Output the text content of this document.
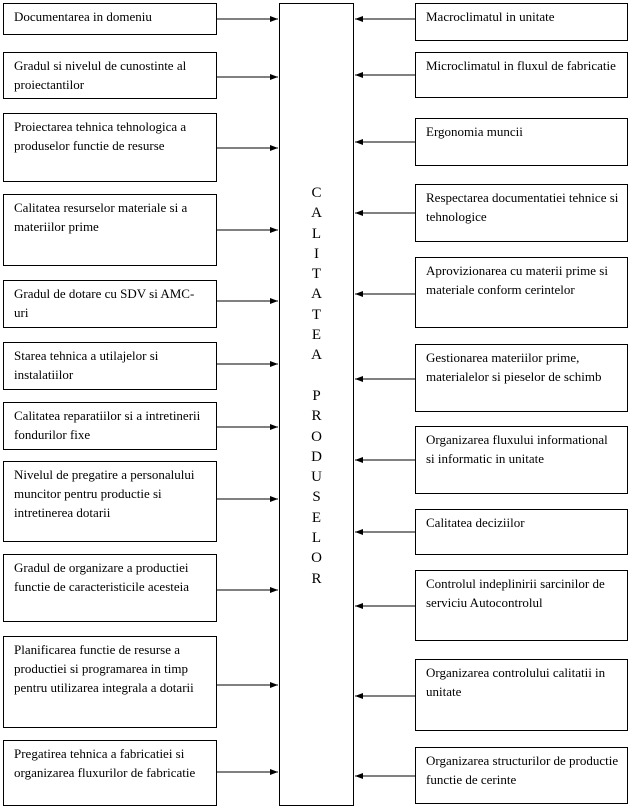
Documentarea in domeniu
Gradul si nivelul de cunostinte al proiectantilor
Proiectarea tehnica tehnologica a produselor functie de resurse
Calitatea resurselor materiale si a materiilor prime
Gradul de dotare cu SDV si AMC-uri
Starea tehnica a utilajelor si instalatiilor
Calitatea reparatiilor si a intretinerii fondurilor fixe
Nivelul de pregatire a personalului muncitor pentru productie si intretinerea dotarii
Gradul de organizare a productiei functie de caracteristicile acesteia
Planificarea functie de resurse a productiei si programarea in timp pentru utilizarea integrala a dotarii
Pregatirea tehnica a fabricatiei si organizarea fluxurilor de fabricatie
C
A
L
I
T
A
T
E
A

P
R
O
D
U
S
E
L
O
R
Macroclimatul in unitate
Microclimatul in fluxul de fabricatie
Ergonomia muncii
Respectarea documentatiei tehnice si tehnologice
Aprovizionarea cu materii prime si materiale conform cerintelor
Gestionarea materiilor prime, materialelor si pieselor de schimb
Organizarea fluxului informational si informatic in unitate
Calitatea deciziilor
Controlul indeplinirii sarcinilor de serviciu Autocontrolul
Organizarea controlului calitatii in unitate
Organizarea structurilor de productie functie de cerinte
